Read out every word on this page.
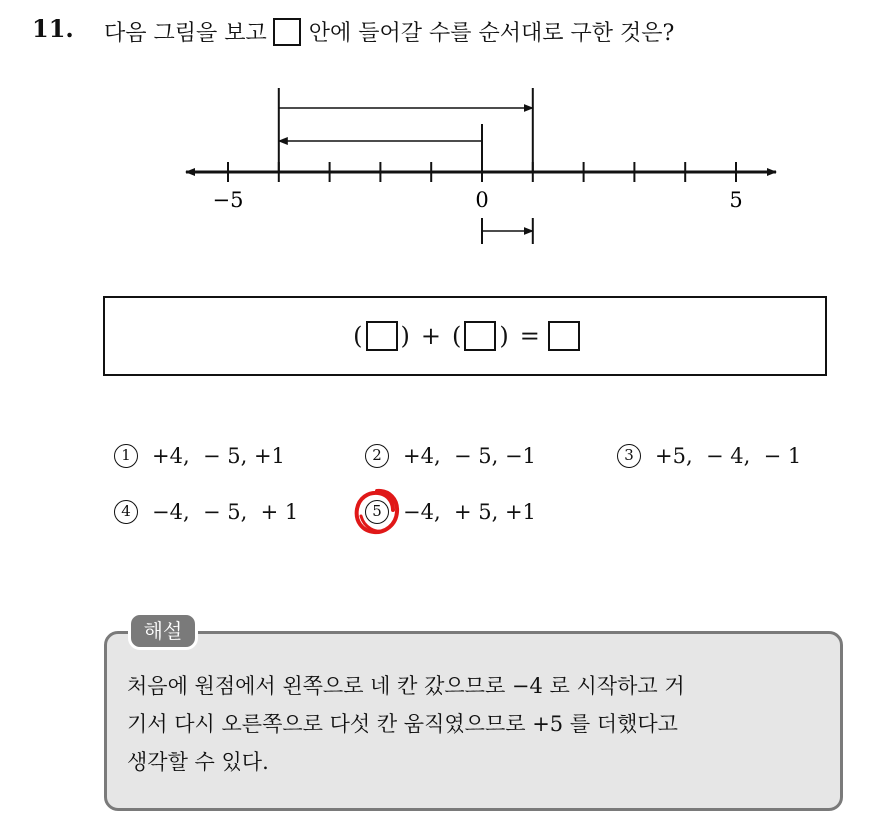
11. 다음 그림을 보고 안에 들어갈 수를 순서대로 구한 것은?
−5	0	5
( ) + ( ) =
1	+4,  − 5, +1	2	+4,  − 5, −1	3	+5,  − 4,  − 1
4	−4,  − 5,  + 1	5	−4,  + 5, +1
해설
처음에 원점에서 왼쪽으로 네 칸 갔으므로 −4 로 시작하고 거
기서 다시 오른쪽으로 다섯 칸 움직였으므로 +5 를 더했다고
생각할 수 있다.
